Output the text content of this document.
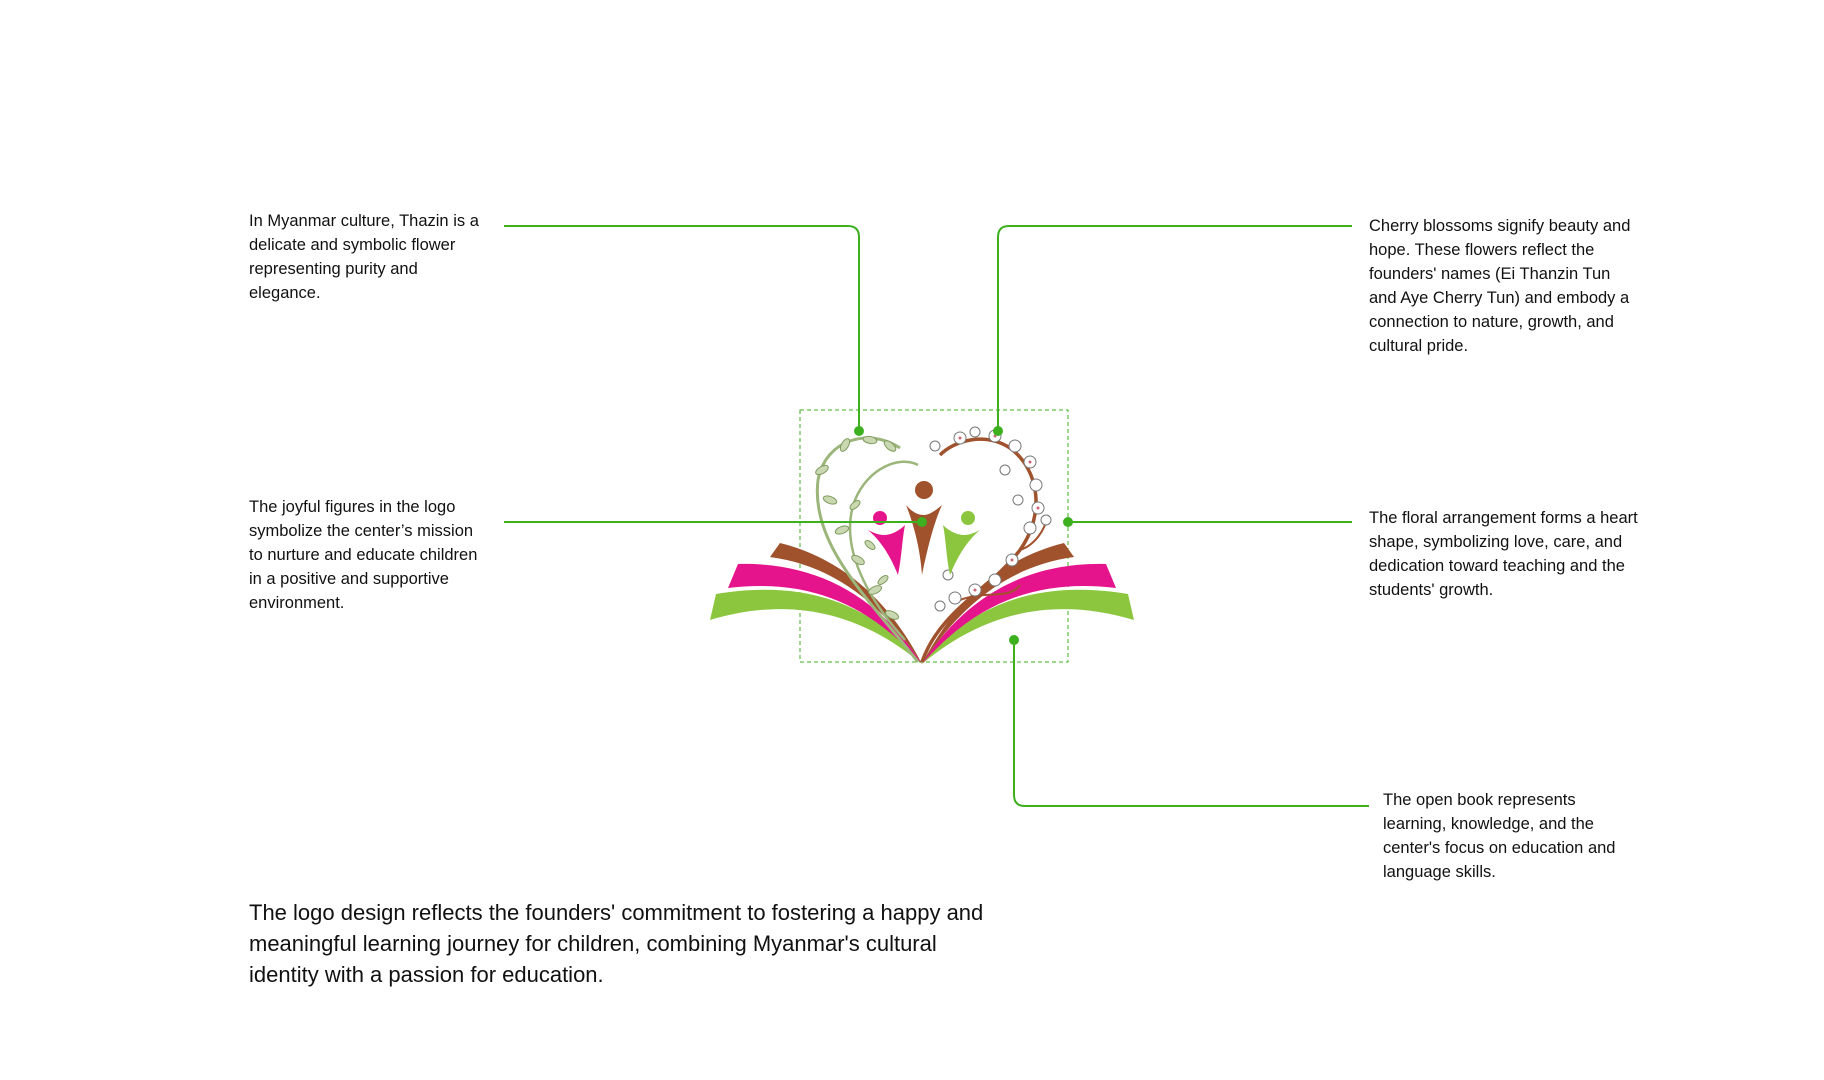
In Myanmar culture, Thazin is a delicate and symbolic flower representing purity and elegance.

The joyful figures in the logo symbolize the center’s mission to nurture and educate children in a positive and supportive environment.

Cherry blossoms signify beauty and hope. These flowers reflect the founders' names (Ei Thanzin Tun and Aye Cherry Tun) and embody a connection to nature, growth, and cultural pride.

The floral arrangement forms a heart shape, symbolizing love, care, and dedication toward teaching and the students' growth.

The open book represents learning, knowledge, and the center's focus on education and language skills.

The logo design reflects the founders' commitment to fostering a happy and meaningful learning journey for children, combining Myanmar's cultural identity with a passion for education.
